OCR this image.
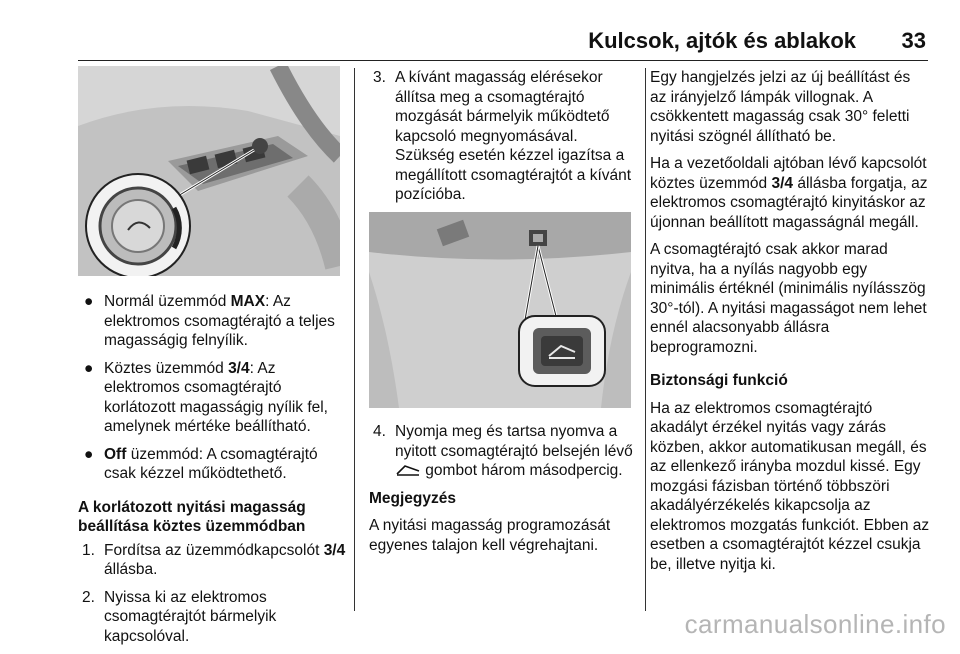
Kulcsok, ajtók és ablakok 33
● Normál üzemmód MAX: Az elektromos csomagtérajtó a teljes magasságig felnyílik.
● Köztes üzemmód 3/4: Az elektromos csomagtérajtó korlátozott magasságig nyílik fel, amelynek mértéke beállítható.
● Off üzemmód: A csomagtérajtó csak kézzel működtethető.

A korlátozott nyitási magasság beállítása köztes üzemmódban

1. Fordítsa az üzemmódkapcsolót 3/4 állásba.
2. Nyissa ki az elektromos csomagtérajtót bármelyik kapcsolóval.
3. A kívánt magasság elérésekor állítsa meg a csomagtérajtó mozgását bármelyik működtető kapcsoló megnyomásával. Szükség esetén kézzel igazítsa a megállított csomagtérajtót a kívánt pozícióba.
4. Nyomja meg és tartsa nyomva a nyitott csomagtérajtó belsején lévő  gombot három másodpercig.

Megjegyzés

A nyitási magasság programozását egyenes talajon kell végrehajtani.

Egy hangjelzés jelzi az új beállítást és az irányjelző lámpák villognak. A csökkentett magasság csak 30° feletti nyitási szögnél állítható be.

Ha a vezetőoldali ajtóban lévő kapcsolót köztes üzemmód 3/4 állásba forgatja, az elektromos csomagtérajtó kinyitáskor az újonnan beállított magasságnál megáll.

A csomagtérajtó csak akkor marad nyitva, ha a nyílás nagyobb egy minimális értéknél (minimális nyílásszög 30°-tól). A nyitási magasságot nem lehet ennél alacsonyabb állásra beprogramozni.

Biztonsági funkció

Ha az elektromos csomagtérajtó akadályt érzékel nyitás vagy zárás közben, akkor automatikusan megáll, és az ellenkező irányba mozdul kissé. Egy mozgási fázisban történő többszöri akadályérzékelés kikapcsolja az elektromos mozgatás funkciót. Ebben az esetben a csomagtérajtót kézzel csukja be, illetve nyitja ki.

carmanualsonline.info
